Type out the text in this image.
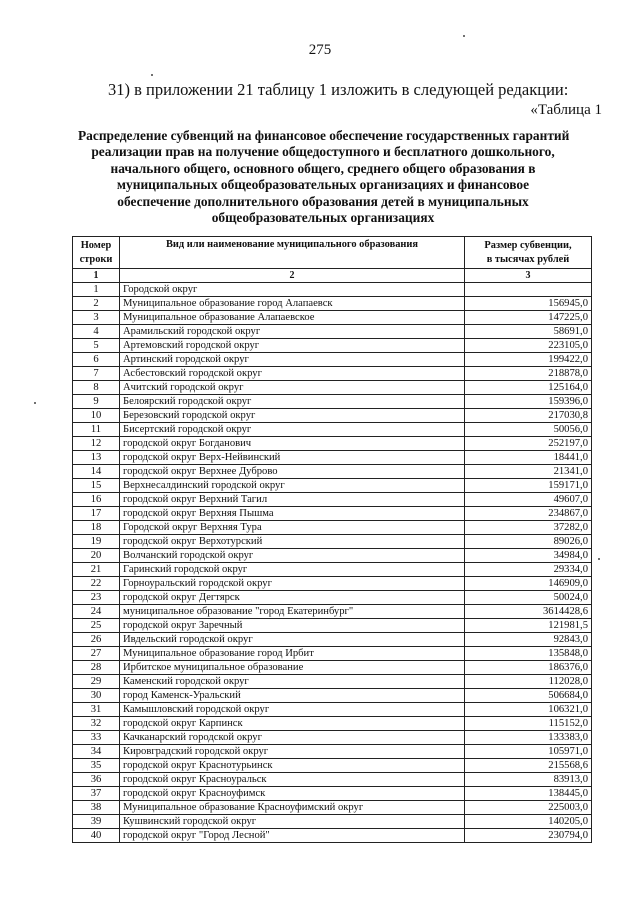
275
31) в приложении 21 таблицу 1 изложить в следующей редакции:
«Таблица 1
Распределение субвенций на финансовое обеспечение государственных гарантий
реализации прав на получение общедоступного и бесплатного дошкольного,
начального общего, основного общего, среднего общего образования в
муниципальных общеобразовательных организациях и финансовое
обеспечение дополнительного образования детей в муниципальных
общеобразовательных организациях
Номер
строки	Вид или наименование муниципального образования	Размер субвенции,
в тысячах рублей
1	2	3
1	Городской округ	
2	Муниципальное образование город Алапаевск	156945,0
3	Муниципальное образование Алапаевское	147225,0
4	Арамильский городской округ	58691,0
5	Артемовский городской округ	223105,0
6	Артинский городской округ	199422,0
7	Асбестовский городской округ	218878,0
8	Ачитский городской округ	125164,0
9	Белоярский городской округ	159396,0
10	Березовский городской округ	217030,8
11	Бисертский городской округ	50056,0
12	городской округ Богданович	252197,0
13	городской округ Верх-Нейвинский	18441,0
14	городской округ Верхнее Дуброво	21341,0
15	Верхнесалдинский городской округ	159171,0
16	городской округ Верхний Тагил	49607,0
17	городской округ Верхняя Пышма	234867,0
18	Городской округ Верхняя Тура	37282,0
19	городской округ Верхотурский	89026,0
20	Волчанский городской округ	34984,0
21	Гаринский городской округ	29334,0
22	Горноуральский городской округ	146909,0
23	городской округ Дегтярск	50024,0
24	муниципальное образование "город Екатеринбург"	3614428,6
25	городской округ Заречный	121981,5
26	Ивдельский городской округ	92843,0
27	Муниципальное образование город Ирбит	135848,0
28	Ирбитское муниципальное образование	186376,0
29	Каменский городской округ	112028,0
30	город Каменск-Уральский	506684,0
31	Камышловский городской округ	106321,0
32	городской округ Карпинск	115152,0
33	Качканарский городской округ	133383,0
34	Кировградский городской округ	105971,0
35	городской округ Краснотурьинск	215568,6
36	городской округ Красноуральск	83913,0
37	городской округ Красноуфимск	138445,0
38	Муниципальное образование Красноуфимский округ	225003,0
39	Кушвинский городской округ	140205,0
40	городской округ "Город Лесной"	230794,0
